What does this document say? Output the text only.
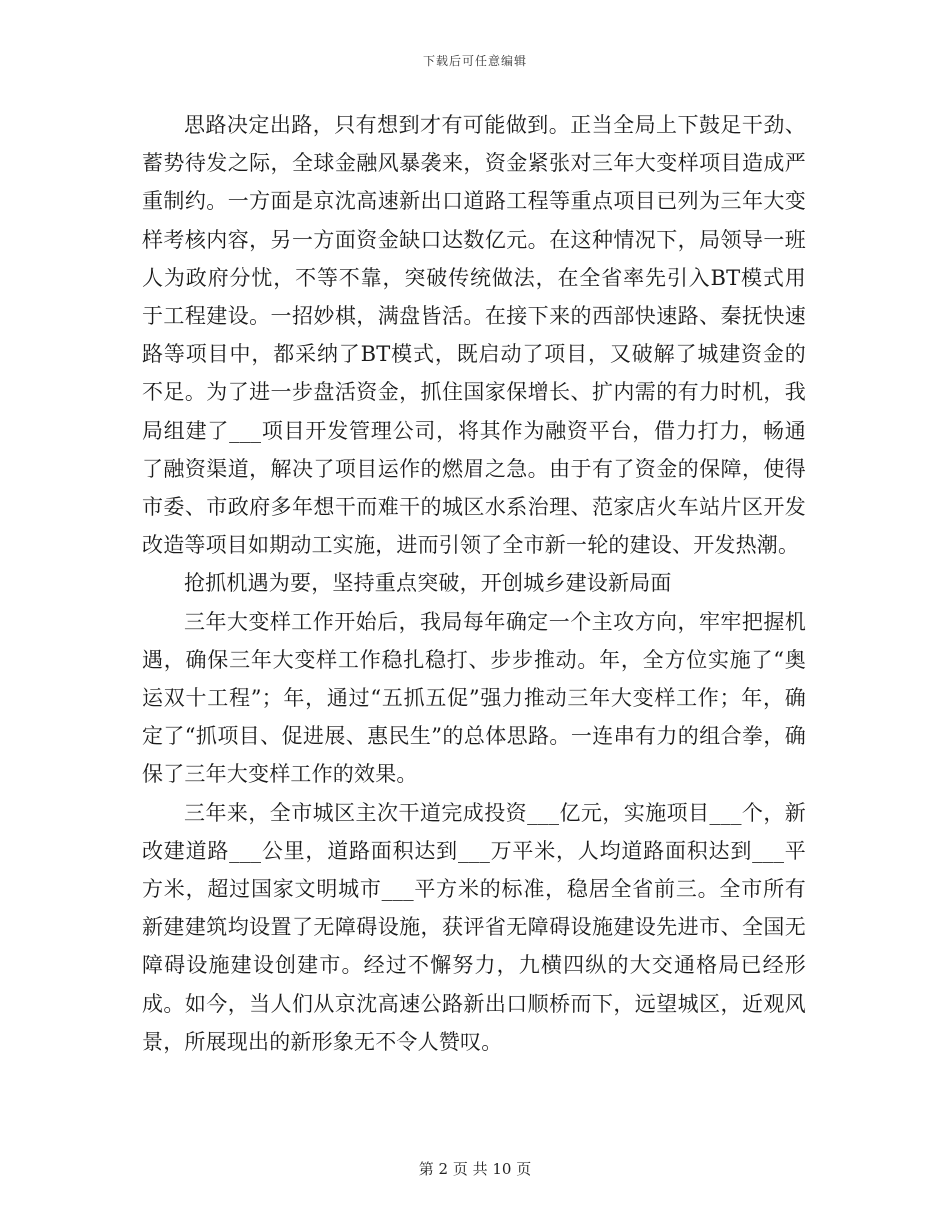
下载后可任意编辑

思路决定出路，只有想到才有可能做到。正当全局上下鼓足干劲、蓄势待发之际，全球金融风暴袭来，资金紧张对三年大变样项目造成严重制约。一方面是京沈高速新出口道路工程等重点项目已列为三年大变样考核内容，另一方面资金缺口达数亿元。在这种情况下，局领导一班人为政府分忧，不等不靠，突破传统做法，在全省率先引入BT模式用于工程建设。一招妙棋，满盘皆活。在接下来的西部快速路、秦抚快速路等项目中，都采纳了BT模式，既启动了项目，又破解了城建资金的不足。为了进一步盘活资金，抓住国家保增长、扩内需的有力时机，我局组建了___项目开发管理公司，将其作为融资平台，借力打力，畅通了融资渠道，解决了项目运作的燃眉之急。由于有了资金的保障，使得市委、市政府多年想干而难干的城区水系治理、范家店火车站片区开发改造等项目如期动工实施，进而引领了全市新一轮的建设、开发热潮。

抢抓机遇为要，坚持重点突破，开创城乡建设新局面

三年大变样工作开始后，我局每年确定一个主攻方向，牢牢把握机遇，确保三年大变样工作稳扎稳打、步步推动。年，全方位实施了“奥运双十工程”；年，通过“五抓五促”强力推动三年大变样工作；年，确定了“抓项目、促进展、惠民生”的总体思路。一连串有力的组合拳，确保了三年大变样工作的效果。

三年来，全市城区主次干道完成投资___亿元，实施项目___个，新改建道路___公里，道路面积达到___万平米，人均道路面积达到___平方米，超过国家文明城市___平方米的标准，稳居全省前三。全市所有新建建筑均设置了无障碍设施，获评省无障碍设施建设先进市、全国无障碍设施建设创建市。经过不懈努力，九横四纵的大交通格局已经形成。如今，当人们从京沈高速公路新出口顺桥而下，远望城区，近观风景，所展现出的新形象无不令人赞叹。

第 2 页 共 10 页
